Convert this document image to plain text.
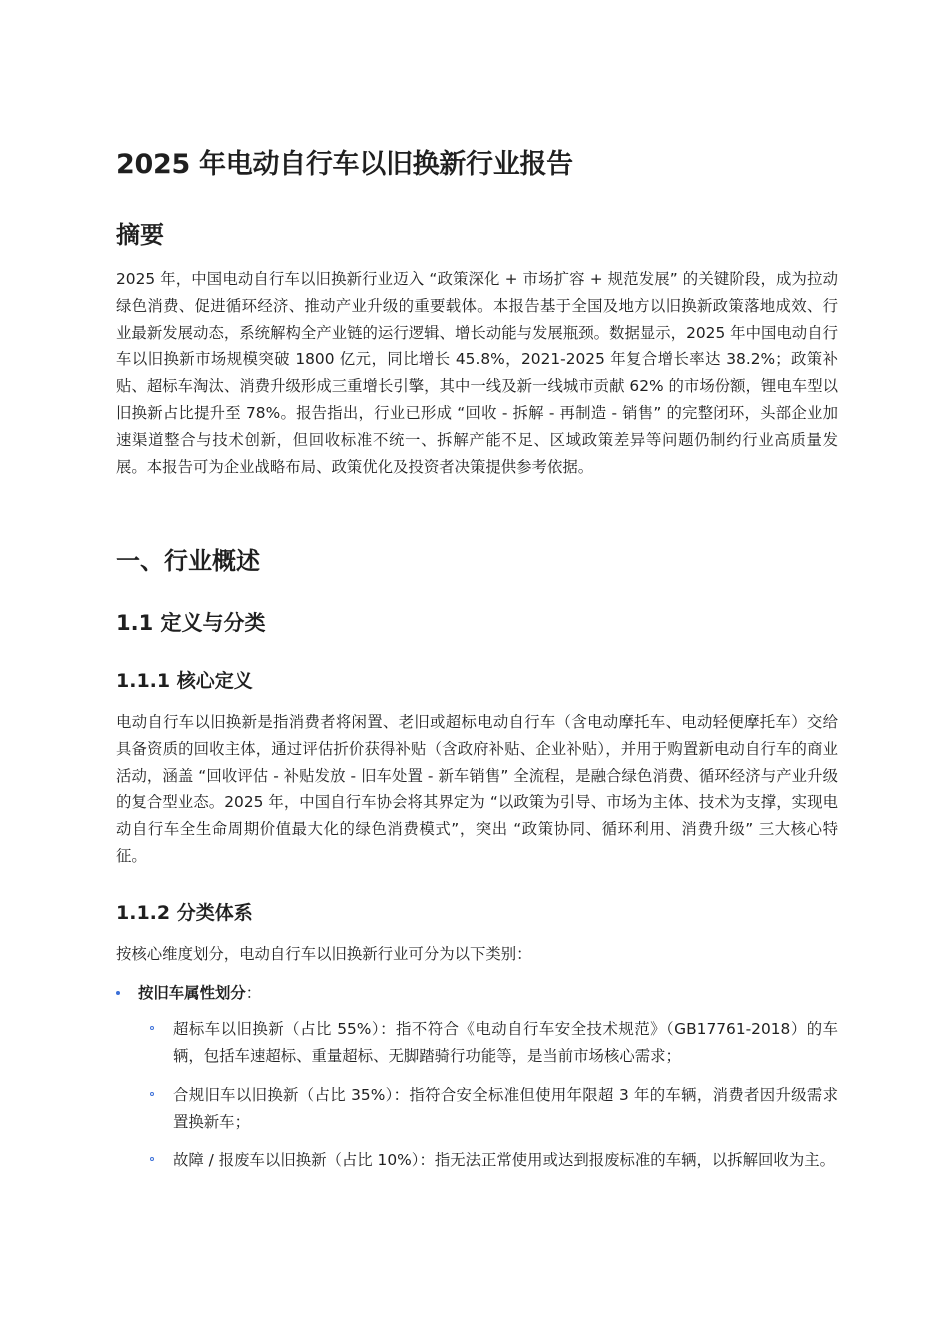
2025 年电动自行车以旧换新行业报告
摘要

2025 年，中国电动自行车以旧换新行业迈入 “政策深化 + 市场扩容 + 规范发展” 的关键阶段，成为拉动绿色消费、促进循环经济、推动产业升级的重要载体。本报告基于全国及地方以旧换新政策落地成效、行业最新发展动态，系统解构全产业链的运行逻辑、增长动能与发展瓶颈。数据显示，2025 年中国电动自行车以旧换新市场规模突破 1800 亿元，同比增长 45.8%，2021-2025 年复合增长率达 38.2%；政策补贴、超标车淘汰、消费升级形成三重增长引擎，其中一线及新一线城市贡献 62% 的市场份额，锂电车型以旧换新占比提升至 78%。报告指出，行业已形成 “回收 - 拆解 - 再制造 - 销售” 的完整闭环，头部企业加速渠道整合与技术创新，但回收标准不统一、拆解产能不足、区域政策差异等问题仍制约行业高质量发展。本报告可为企业战略布局、政策优化及投资者决策提供参考依据。

一、行业概述
1.1 定义与分类
1.1.1 核心定义

电动自行车以旧换新是指消费者将闲置、老旧或超标电动自行车（含电动摩托车、电动轻便摩托车）交给具备资质的回收主体，通过评估折价获得补贴（含政府补贴、企业补贴），并用于购置新电动自行车的商业活动，涵盖 “回收评估 - 补贴发放 - 旧车处置 - 新车销售” 全流程，是融合绿色消费、循环经济与产业升级的复合型业态。2025 年，中国自行车协会将其界定为 “以政策为引导、市场为主体、技术为支撑，实现电动自行车全生命周期价值最大化的绿色消费模式”，突出 “政策协同、循环利用、消费升级” 三大核心特征。

1.1.2 分类体系

按核心维度划分，电动自行车以旧换新行业可分为以下类别：

按旧车属性划分：
超标车以旧换新（占比 55%）：指不符合《电动自行车安全技术规范》（GB17761-2018）的车辆，包括车速超标、重量超标、无脚踏骑行功能等，是当前市场核心需求；
合规旧车以旧换新（占比 35%）：指符合安全标准但使用年限超 3 年的车辆，消费者因升级需求置换新车；
故障 / 报废车以旧换新（占比 10%）：指无法正常使用或达到报废标准的车辆，以拆解回收为主。
